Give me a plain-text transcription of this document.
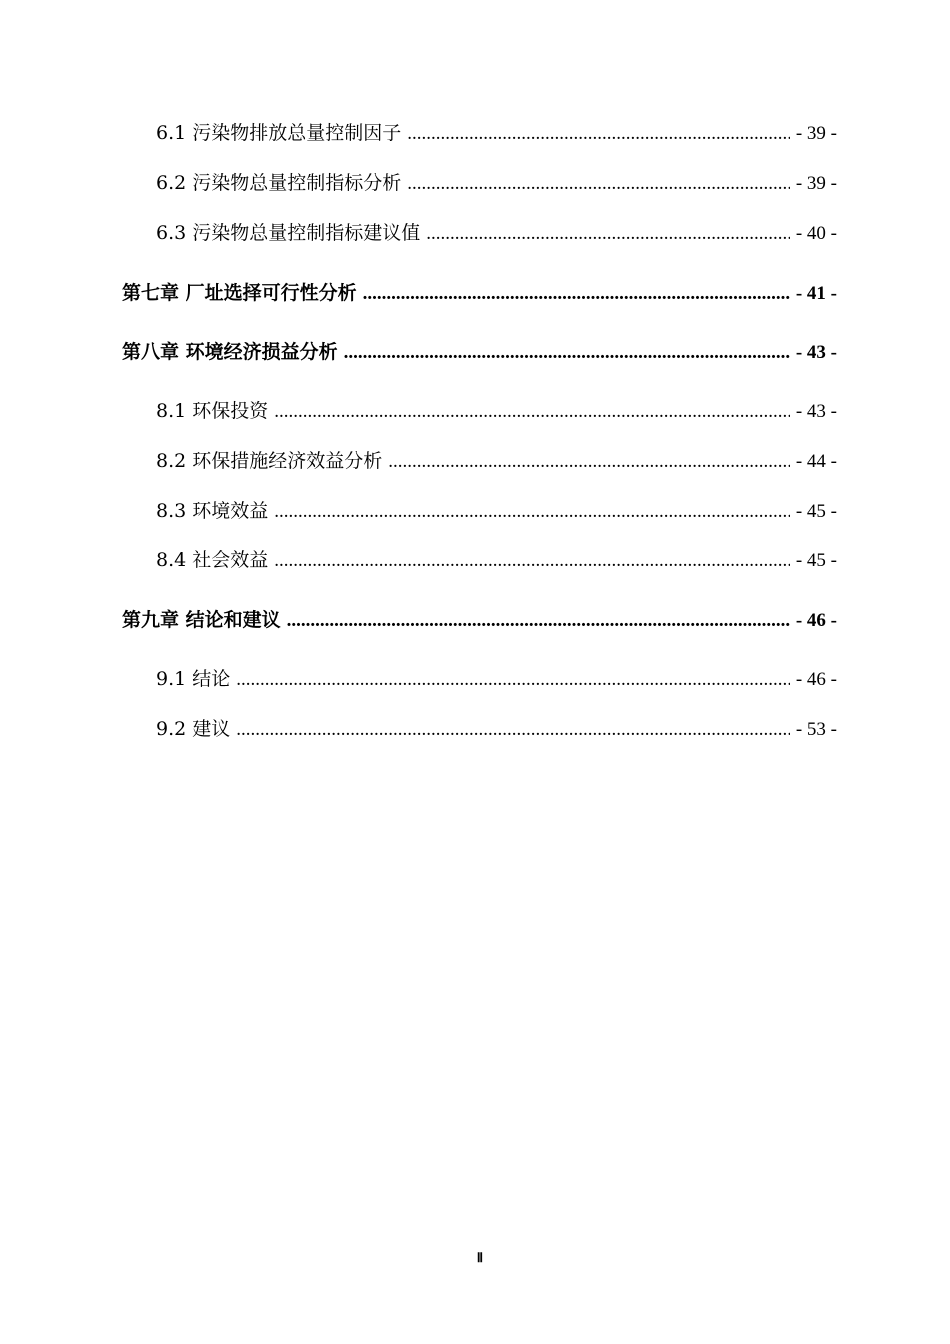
6.1 污染物排放总量控制因子 .....	- 39 -
6.2 污染物总量控制指标分析 .....	- 39 -
6.3 污染物总量控制指标建议值 .....	- 40 -
第七章 厂址选择可行性分析 .....	- 41 -
第八章 环境经济损益分析 .....	- 43 -
8.1 环保投资 .....	- 43 -
8.2 环保措施经济效益分析 .....	- 44 -
8.3 环境效益 .....	- 45 -
8.4 社会效益 .....	- 45 -
第九章 结论和建议 .....	- 46 -
9.1 结论 .....	- 46 -
9.2 建议 .....	- 53 -
Ⅱ
